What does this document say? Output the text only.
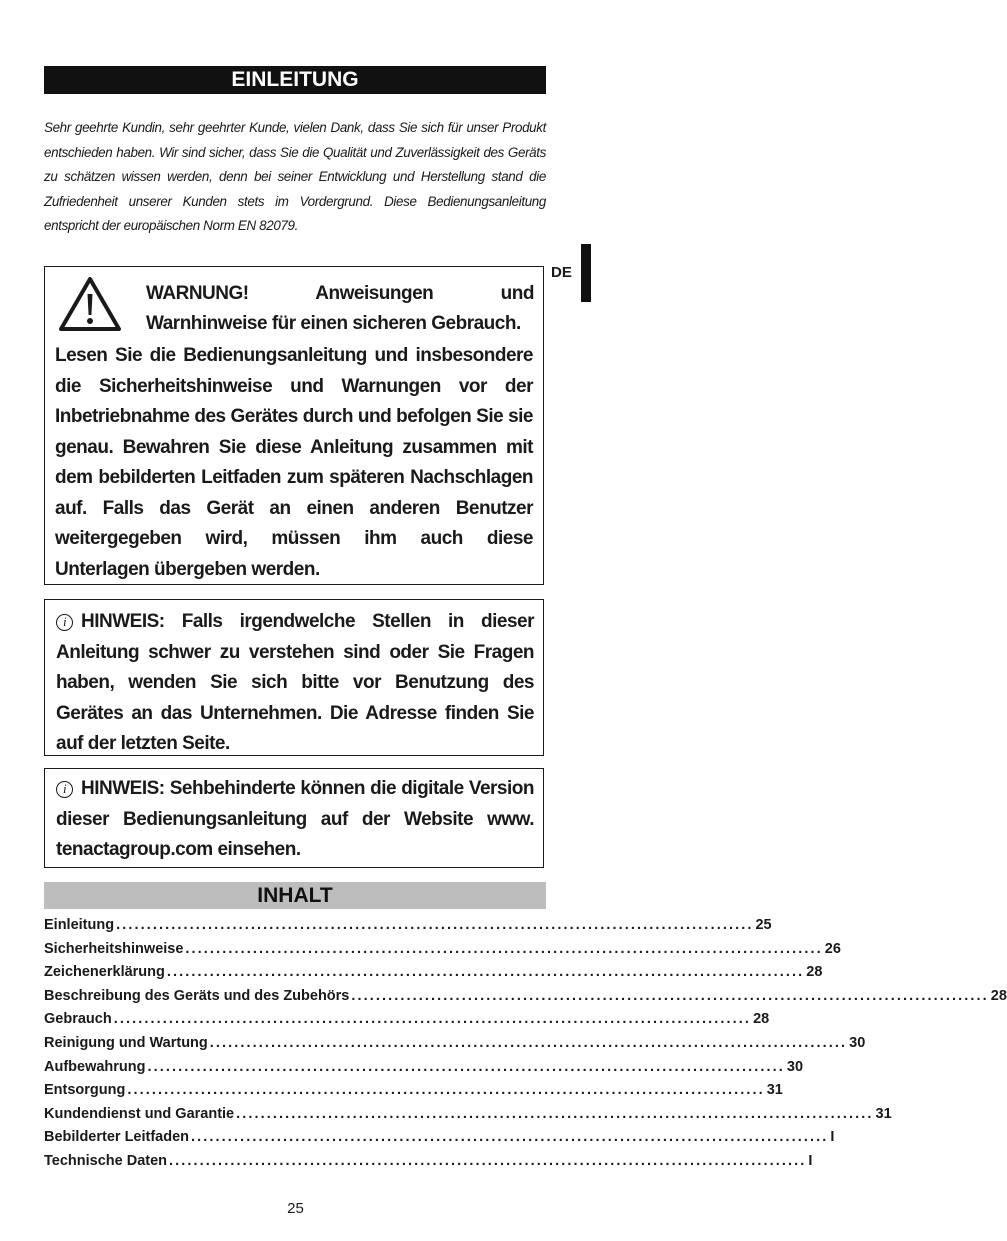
EINLEITUNG

Sehr geehrte Kundin, sehr geehrter Kunde, vielen Dank, dass Sie sich für unser Produkt entschieden haben. Wir sind sicher, dass Sie die Qualität und Zuverlässigkeit des Geräts zu schätzen wissen werden, denn bei seiner Entwicklung und Herstellung stand die Zufriedenheit unserer Kunden stets im Vordergrund. Diese Bedienungsanleitung entspricht der europäischen Norm EN 82079.

DE

WARNUNG! Anweisungen und Warnhinweise für einen sicheren Gebrauch.

Lesen Sie die Bedienungsanleitung und insbesondere die Sicherheitshinweise und Warnungen vor der Inbetriebnahme des Gerätes durch und befolgen Sie sie genau. Bewahren Sie diese Anleitung zusammen mit dem bebilderten Leitfaden zum späteren Nachschlagen auf. Falls das Gerät an einen anderen Benutzer weitergegeben wird, müssen ihm auch diese Unterlagen übergeben werden.

i HINWEIS: Falls irgendwelche Stellen in dieser Anleitung schwer zu verstehen sind oder Sie Fragen haben, wenden Sie sich bitte vor Benutzung des Gerätes an das Unternehmen. Die Adresse finden Sie auf der letzten Seite.

i HINWEIS: Sehbehinderte können die digitale Version dieser Bedienungsanleitung auf der Website www. tenactagroup.com einsehen.

INHALT
Einleitung ........................................................................................................ 25
Sicherheitshinweise ........................................................................................................ 26
Zeichenerklärung ........................................................................................................ 28
Beschreibung des Geräts und des Zubehörs ........................................................................................................ 28
Gebrauch ........................................................................................................ 28
Reinigung und Wartung ........................................................................................................ 30
Aufbewahrung ........................................................................................................ 30
Entsorgung ........................................................................................................ 31
Kundendienst und Garantie ........................................................................................................ 31
Bebilderter Leitfaden ........................................................................................................ I
Technische Daten ........................................................................................................ I
25
